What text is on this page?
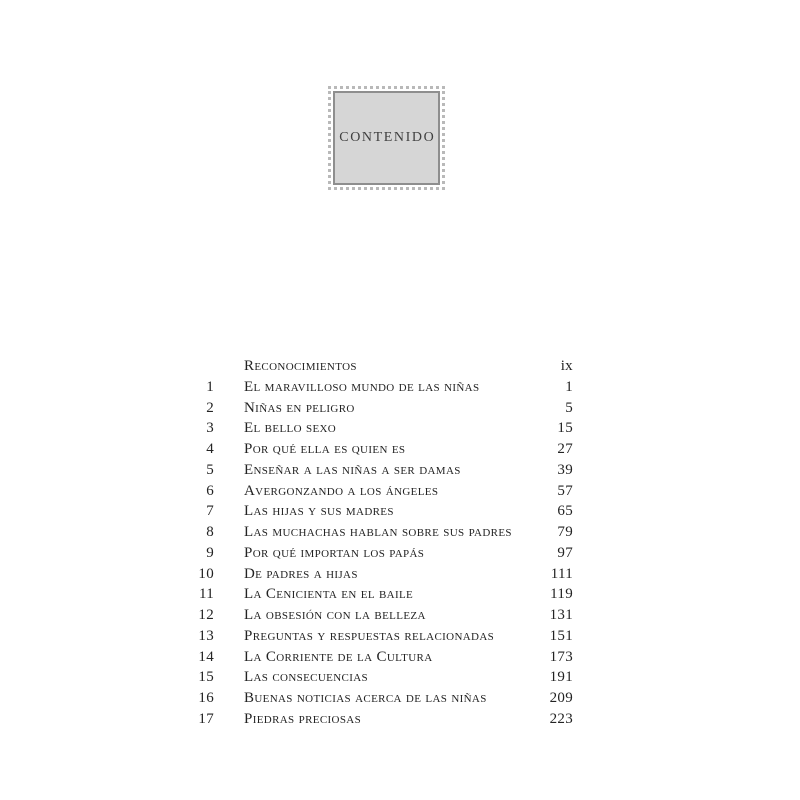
CONTENIDO
Reconocimientos	ix
1	El maravilloso mundo de las niñas	1
2	Niñas en peligro	5
3	El bello sexo	15
4	Por qué ella es quien es	27
5	Enseñar a las niñas a ser damas	39
6	Avergonzando a los ángeles	57
7	Las hijas y sus madres	65
8	Las muchachas hablan sobre sus padres	79
9	Por qué importan los papás	97
10	De padres a hijas	111
11	La Cenicienta en el baile	119
12	La obsesión con la belleza	131
13	Preguntas y respuestas relacionadas	151
14	La Corriente de la Cultura	173
15	Las consecuencias	191
16	Buenas noticias acerca de las niñas	209
17	Piedras preciosas	223
